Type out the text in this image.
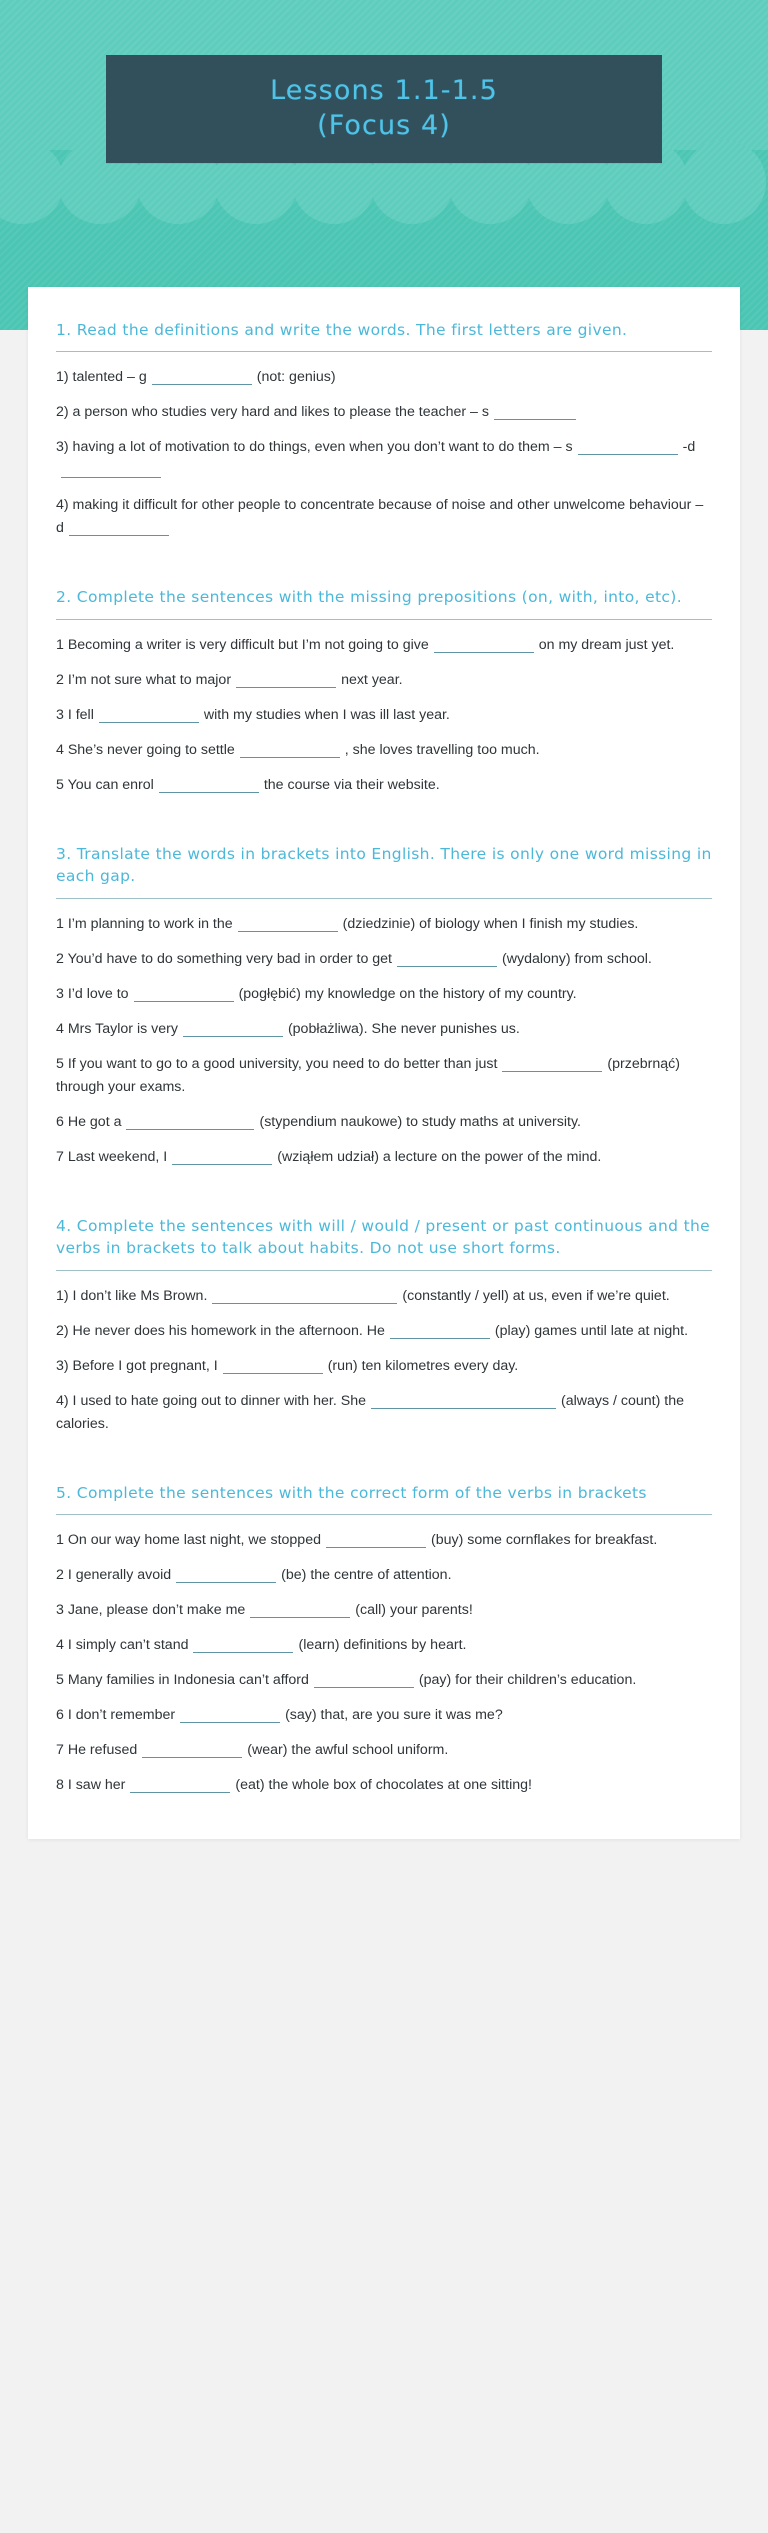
Lessons 1.1-1.5
(Focus 4)
1. Read the definitions and write the words. The first letters are given.

1) talented – g	(not: genius)

2) a person who studies very hard and likes to please the teacher – s

3) having a lot of motivation to do things, even when you don’t want to do them – s	-d

4) making it difficult for other people to concentrate because of noise and other unwelcome behaviour – d

2. Complete the sentences with the missing prepositions (on, with, into, etc).

1 Becoming a writer is very difficult but I’m not going to give	on my dream just yet.

2 I’m not sure what to major	next year.

3 I fell	with my studies when I was ill last year.

4 She’s never going to settle	, she loves travelling too much.

5 You can enrol	the course via their website.

3. Translate the words in brackets into English. There is only one word missing in each gap.

1 I’m planning to work in the	(dziedzinie) of biology when I finish my studies.

2 You’d have to do something very bad in order to get	(wydalony) from school.

3 I’d love to	(pogłębić) my knowledge on the history of my country.

4 Mrs Taylor is very	(pobłażliwa). She never punishes us.

5 If you want to go to a good university, you need to do better than just	(przebrnąć) through your exams.

6 He got a	(stypendium naukowe) to study maths at university.

7 Last weekend, I	(wziąłem udział) a lecture on the power of the mind.

4. Complete the sentences with will / would / present or past continuous and the verbs in brackets to talk about habits. Do not use short forms.

1) I don’t like Ms Brown.	(constantly / yell) at us, even if we’re quiet.

2) He never does his homework in the afternoon. He	(play) games until late at night.

3) Before I got pregnant, I	(run) ten kilometres every day.

4) I used to hate going out to dinner with her. She	(always / count) the calories.

5. Complete the sentences with the correct form of the verbs in brackets

1 On our way home last night, we stopped	(buy) some cornflakes for breakfast.

2 I generally avoid	(be) the centre of attention.

3 Jane, please don’t make me	(call) your parents!

4 I simply can’t stand	(learn) definitions by heart.

5 Many families in Indonesia can’t afford	(pay) for their children’s education.

6 I don’t remember	(say) that, are you sure it was me?

7 He refused	(wear) the awful school uniform.

8 I saw her	(eat) the whole box of chocolates at one sitting!
